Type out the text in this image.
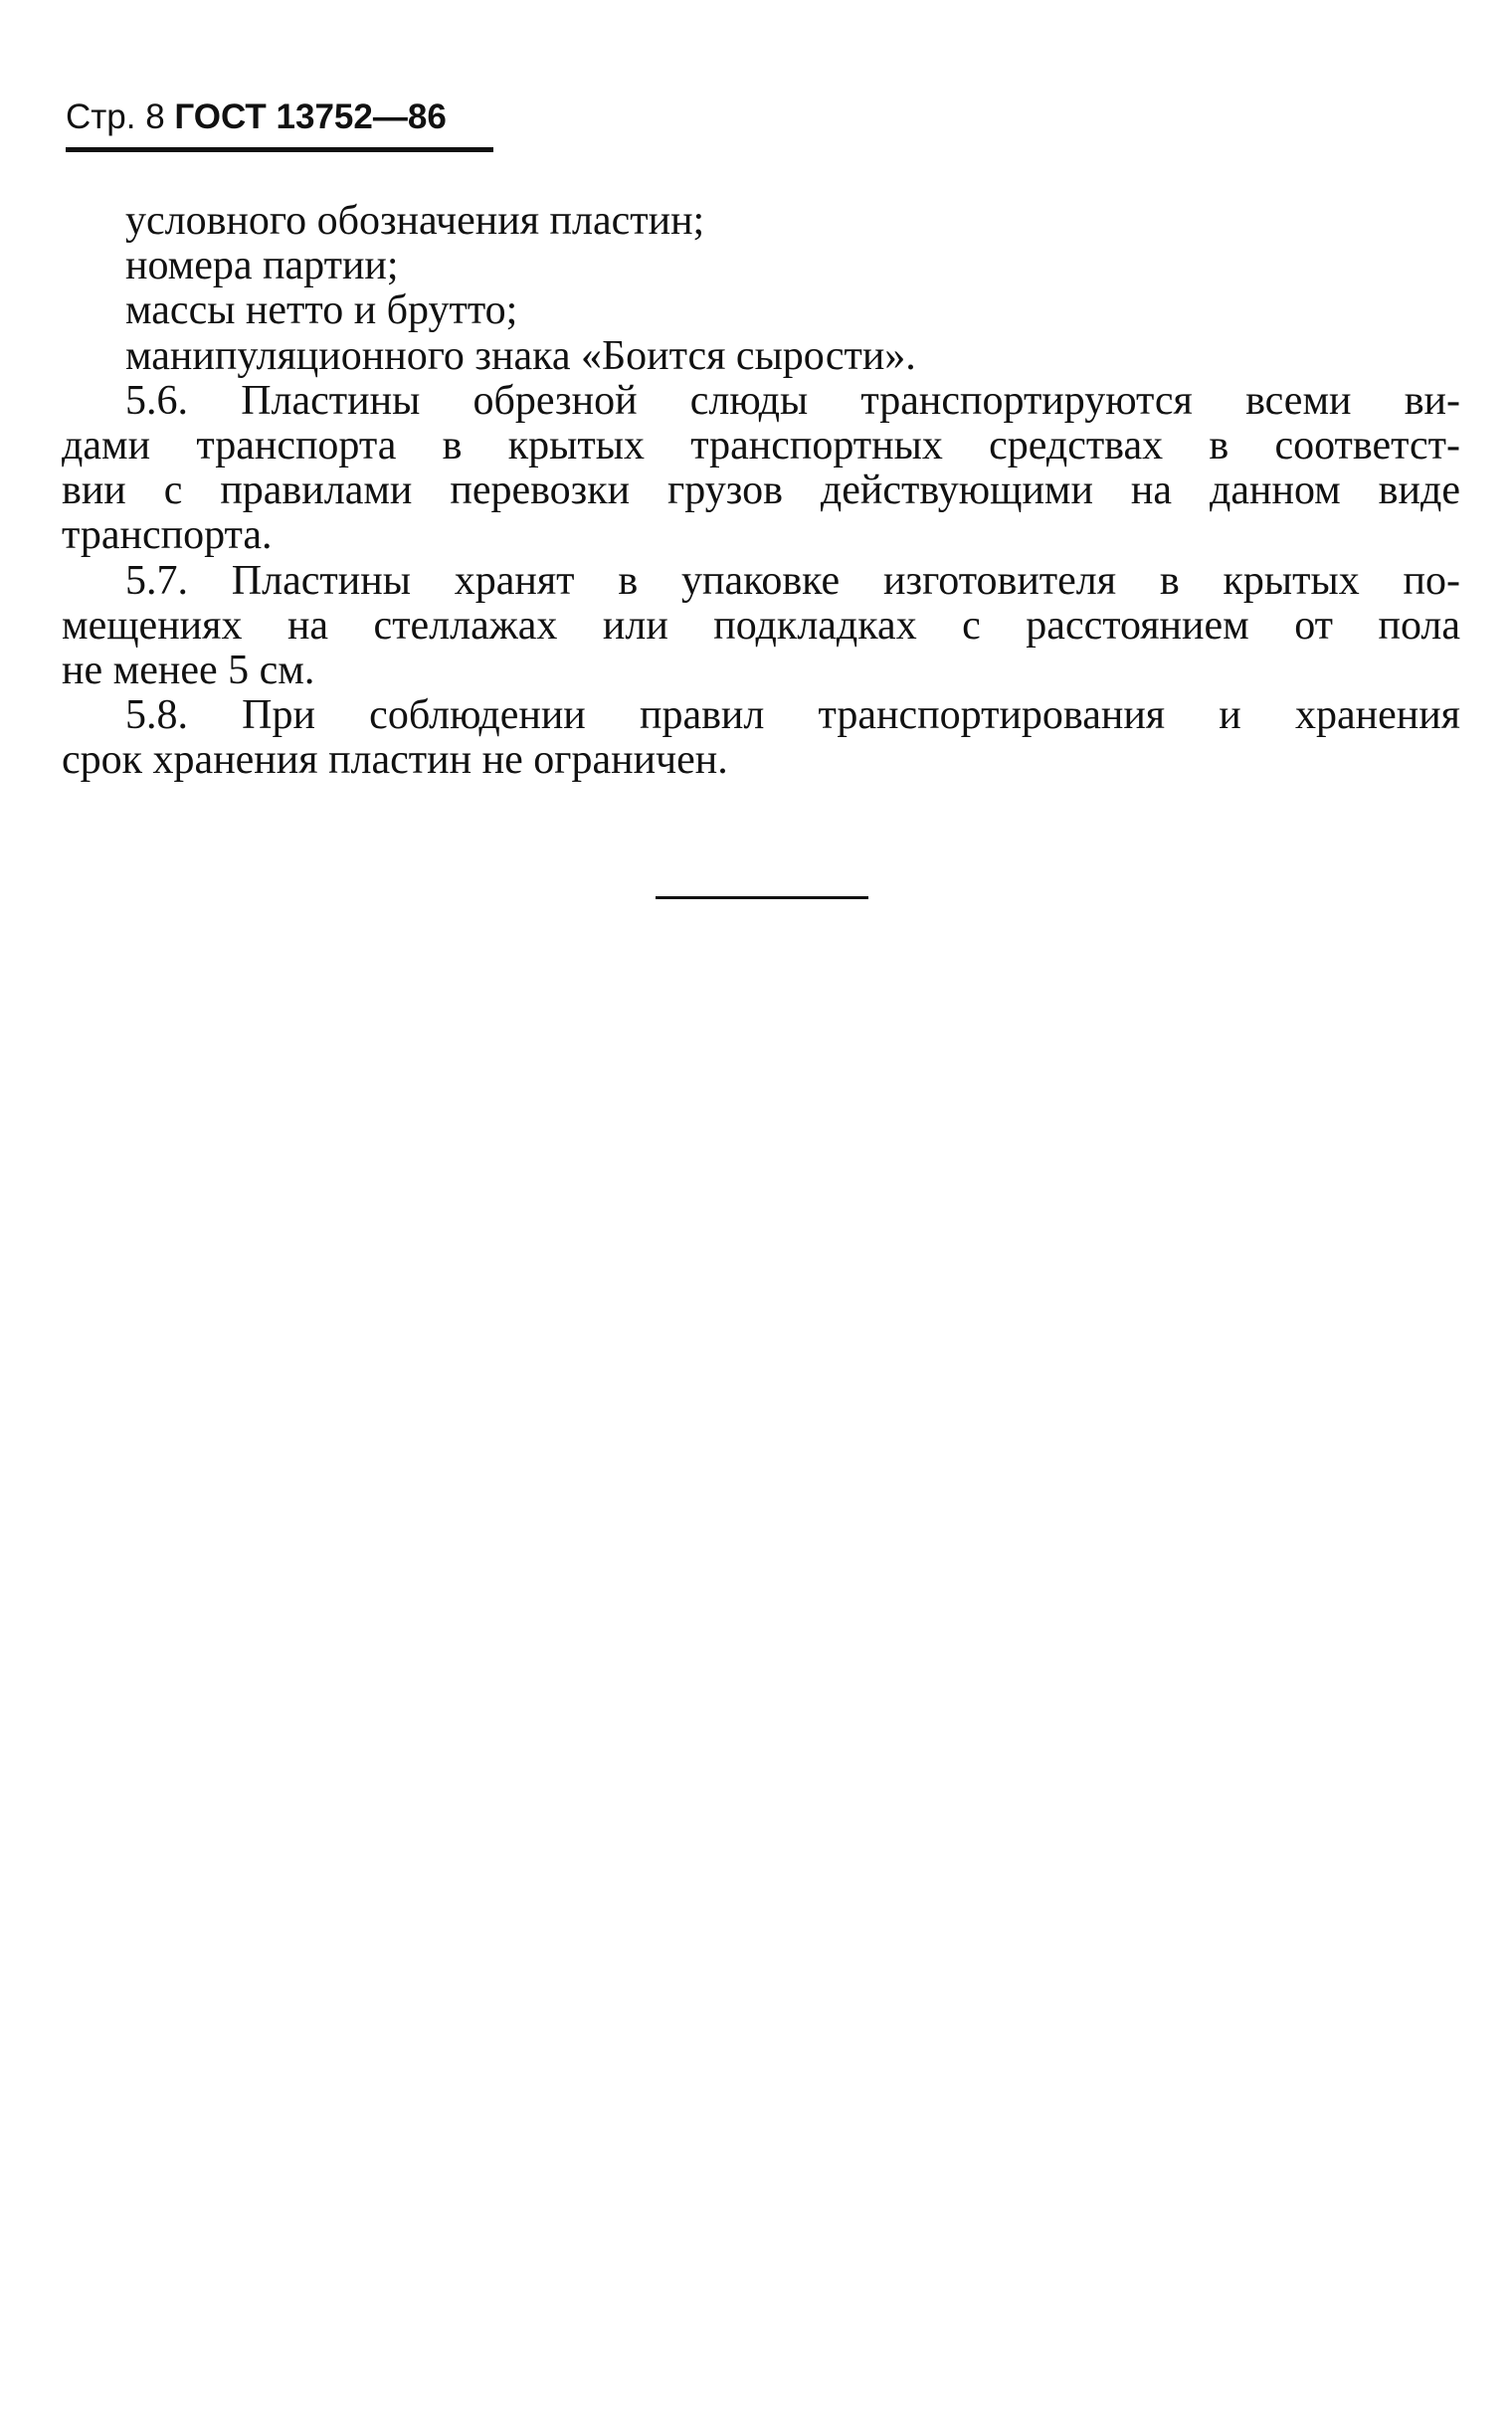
Стр. 8 ГОСТ 13752—86
условного обозначения пластин;
номера партии;
массы нетто и брутто;
манипуляционного знака «Боится сырости».
5.6. Пластины обрезной слюды транспортируются всеми ви-
дами транспорта в крытых транспортных средствах в соответст-
вии с правилами перевозки грузов действующими на данном виде
транспорта.
5.7. Пластины хранят в упаковке изготовителя в крытых по-
мещениях на стеллажах или подкладках с расстоянием от пола
не менее 5 см.
5.8. При соблюдении правил транспортирования и хранения
срок хранения пластин не ограничен.
